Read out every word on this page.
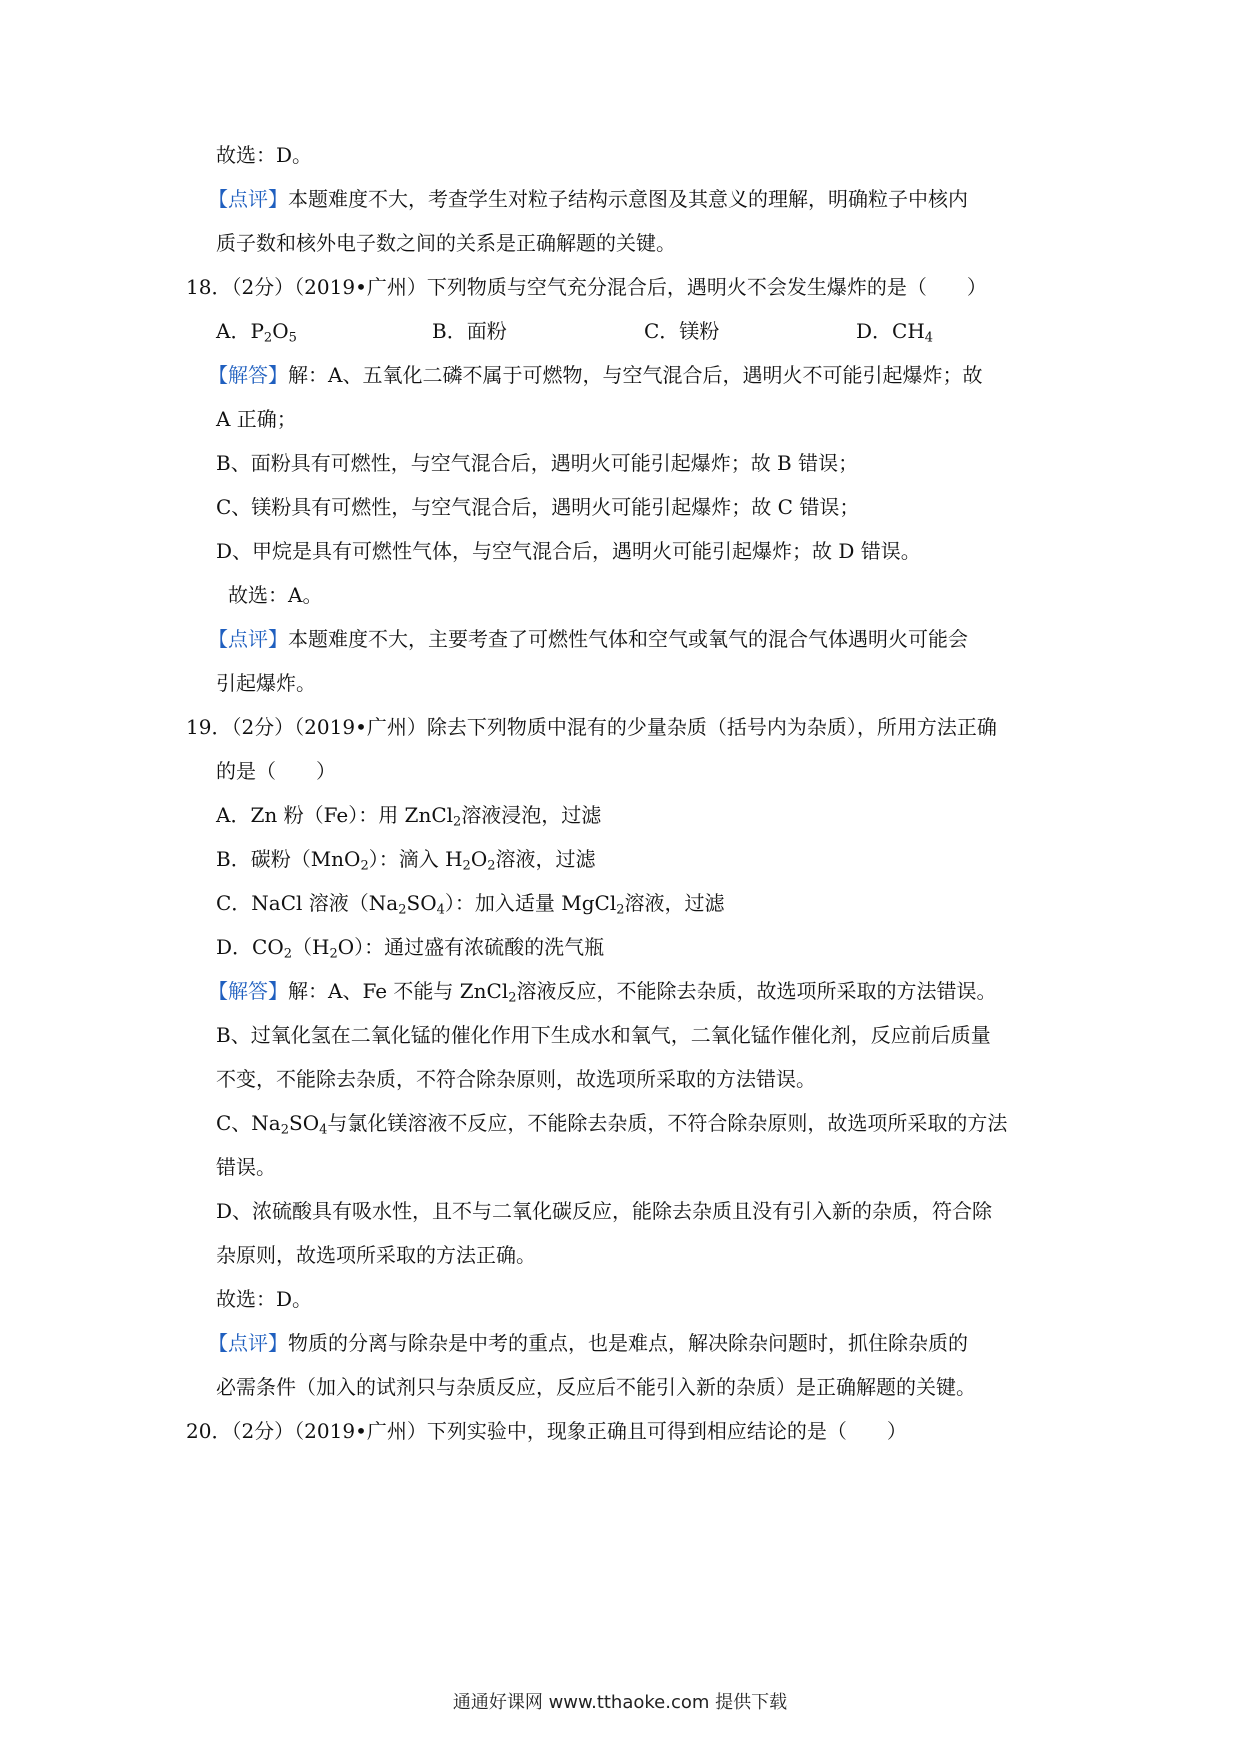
故选：D。
【点评】本题难度不大，考查学生对粒子结构示意图及其意义的理解，明确粒子中核内
质子数和核外电子数之间的关系是正确解题的关键。
18．（2分）（2019•广州）下列物质与空气充分混合后，遇明火不会发生爆炸的是（　　）
A．$P_2O_5$	B．面粉	C．镁粉	D．$CH_4$
【解答】解：A、五氧化二磷不属于可燃物，与空气混合后，遇明火不可能引起爆炸；故
A 正确；
B、面粉具有可燃性，与空气混合后，遇明火可能引起爆炸；故 B 错误；
C、镁粉具有可燃性，与空气混合后，遇明火可能引起爆炸；故 C 错误；
D、甲烷是具有可燃性气体，与空气混合后，遇明火可能引起爆炸；故 D 错误。
故选：A。
【点评】本题难度不大，主要考查了可燃性气体和空气或氧气的混合气体遇明火可能会
引起爆炸。
19．（2分）（2019•广州）除去下列物质中混有的少量杂质（括号内为杂质），所用方法正确
的是（　　）
A．Zn 粉（Fe）：用 ZnCl$_2$溶液浸泡，过滤
B．碳粉（MnO$_2$）：滴入 $H_2O_2$溶液，过滤
C．NaCl 溶液$(Na_2SO_4)$：加入适量 MgCl$_2$溶液，过滤
D．$CO_2(H_2O)$：通过盛有浓硫酸的洗气瓶
【解答】解：A、Fe 不能与 ZnCl$_2$溶液反应，不能除去杂质，故选项所采取的方法错误。
B、过氧化氢在二氧化锰的催化作用下生成水和氧气，二氧化锰作催化剂，反应前后质量
不变，不能除去杂质，不符合除杂原则，故选项所采取的方法错误。
C、$Na_2SO_4$与氯化镁溶液不反应，不能除去杂质，不符合除杂原则，故选项所采取的方法
错误。
D、浓硫酸具有吸水性，且不与二氧化碳反应，能除去杂质且没有引入新的杂质，符合除
杂原则，故选项所采取的方法正确。
故选：D。
【点评】物质的分离与除杂是中考的重点，也是难点，解决除杂问题时，抓住除杂质的
必需条件（加入的试剂只与杂质反应，反应后不能引入新的杂质）是正确解题的关键。
20．（2分）（2019•广州）下列实验中，现象正确且可得到相应结论的是（　　）
通通好课网 www.tthaoke.com 提供下载
